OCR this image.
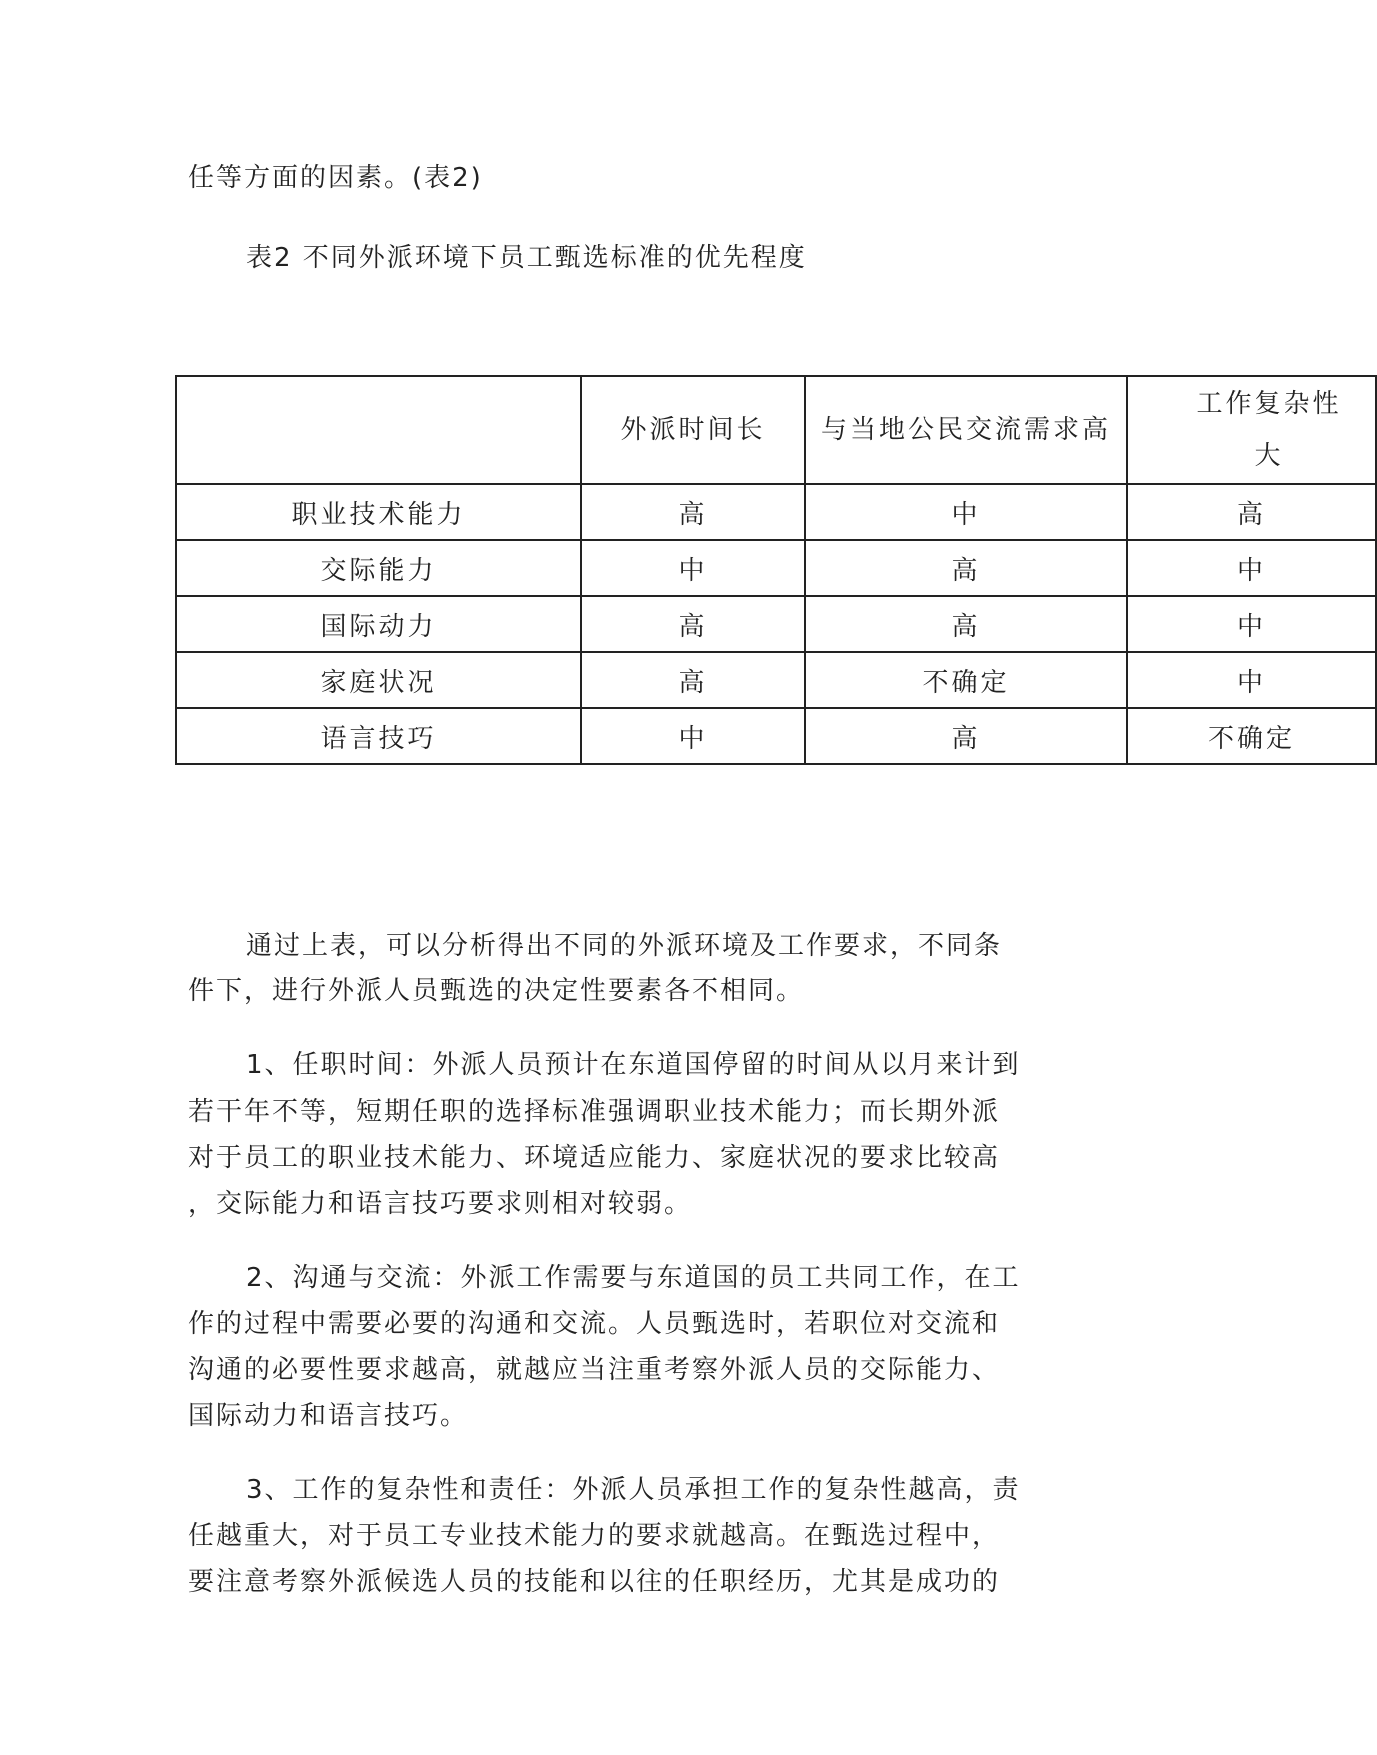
任等方面的因素。(表2)
表2 不同外派环境下员工甄选标准的优先程度

	外派时间长	与当地公民交流需求高	工作复杂性大

职业技术能力	高	中	高
交际能力	中	高	中
国际动力	高	高	中
家庭状况	高	不确定	中
语言技巧	中	高	不确定
通过上表，可以分析得出不同的外派环境及工作要求，不同条
件下，进行外派人员甄选的决定性要素各不相同。
1、任职时间：外派人员预计在东道国停留的时间从以月来计到
若干年不等，短期任职的选择标准强调职业技术能力；而长期外派
对于员工的职业技术能力、环境适应能力、家庭状况的要求比较高
，交际能力和语言技巧要求则相对较弱。
2、沟通与交流：外派工作需要与东道国的员工共同工作，在工
作的过程中需要必要的沟通和交流。人员甄选时，若职位对交流和
沟通的必要性要求越高，就越应当注重考察外派人员的交际能力、
国际动力和语言技巧。
3、工作的复杂性和责任：外派人员承担工作的复杂性越高，责
任越重大，对于员工专业技术能力的要求就越高。在甄选过程中，
要注意考察外派候选人员的技能和以往的任职经历，尤其是成功的
